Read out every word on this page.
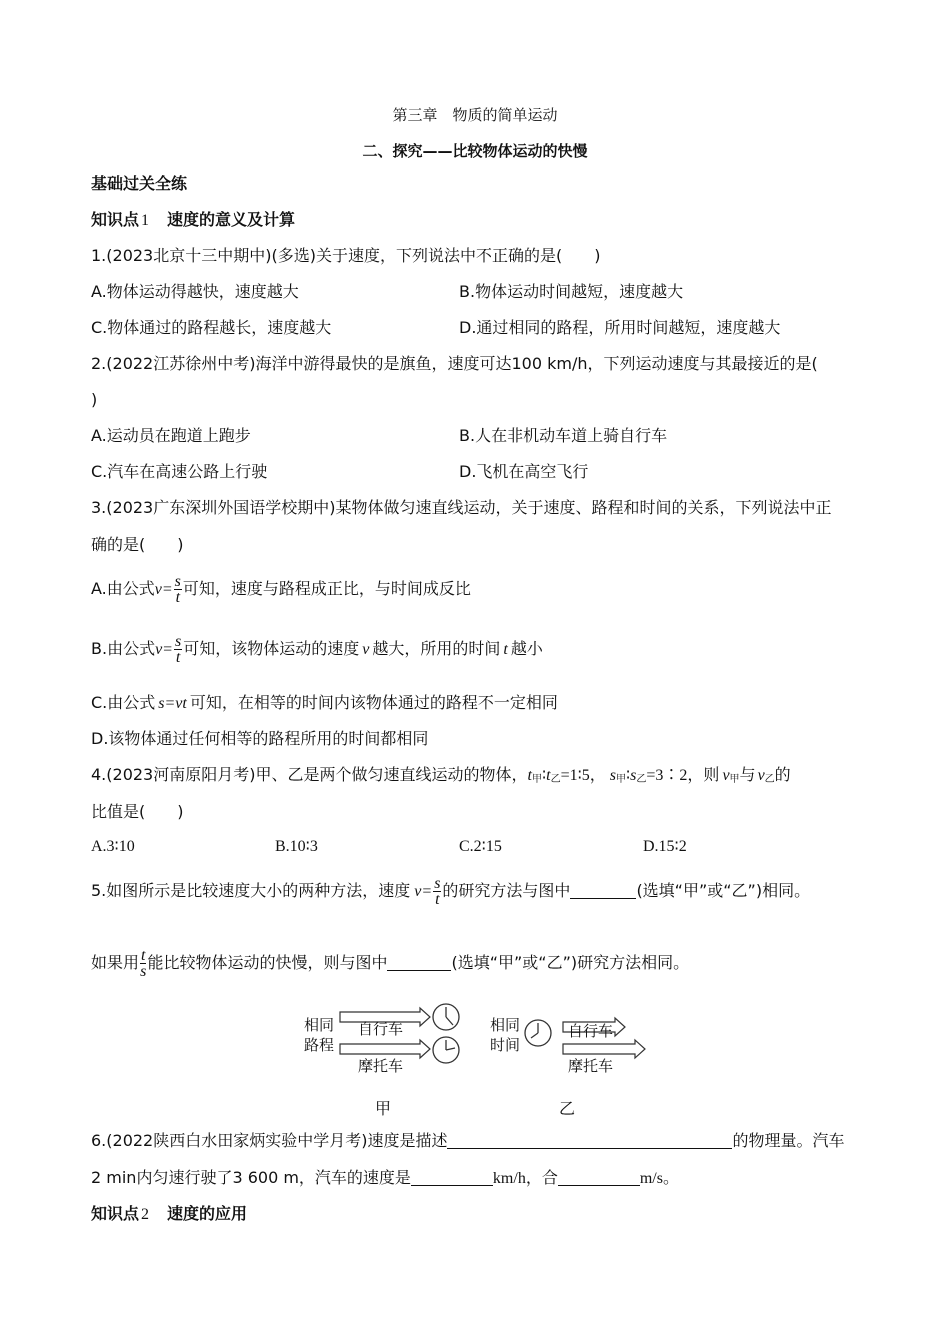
第三章　物质的简单运动
二、探究——比较物体运动的快慢
基础过关全练
知识点 1 速度的意义及计算
1.(2023北京十三中期中)(多选)关于速度，下列说法中不正确的是(　　)
A.物体运动得越快，速度越大	B.物体运动时间越短，速度越大
C.物体通过的路程越长，速度越大	D.通过相同的路程，所用时间越短，速度越大
2.(2022江苏徐州中考)海洋中游得最快的是旗鱼，速度可达100 km/h，下列运动速度与其最接近的是(
)
A.运动员在跑道上跑步	B.人在非机动车道上骑自行车
C.汽车在高速公路上行驶	D.飞机在高空飞行
3.(2023广东深圳外国语学校期中)某物体做匀速直线运动，关于速度、路程和时间的关系，下列说法中正
确的是(　　)
A.由公式$v= \frac{s}{t}$ 可知，速度与路程成正比，与时间成反比
B.由公式$v= \frac{s}{t}$ 可知，该物体运动的速度 v 越大，所用的时间 t 越小
C.由公式 s=vt 可知，在相等的时间内该物体通过的路程不一定相同
D.该物体通过任何相等的路程所用的时间都相同
4.(2023河南原阳月考)甲、乙是两个做匀速直线运动的物体，$t_甲∶t_乙=1∶5$， $s_甲∶s_乙=3∶2$，则 $v_甲$与 $v_乙$的
比值是(　　)
A.3∶10	B.10∶3	C.2∶15	D.15∶2
5.如图所示是比较速度大小的两种方法，速度 $v= \frac{s}{t}$ 的研究方法与图中	(选填“甲”或“乙”)相同。
如果用 $\frac{t}{s}$ 能比较物体运动的快慢，则与图中	(选填“甲”或“乙”)研究方法相同。
相同
路程
自行车
摩托车
相同
时间
自行车
摩托车
甲	乙
6.(2022陕西白水田家炳实验中学月考)速度是描述	的物理量。汽车
2 min内匀速行驶了3 600 m，汽车的速度是	km/h，合	m/s。
知识点 2 速度的应用
